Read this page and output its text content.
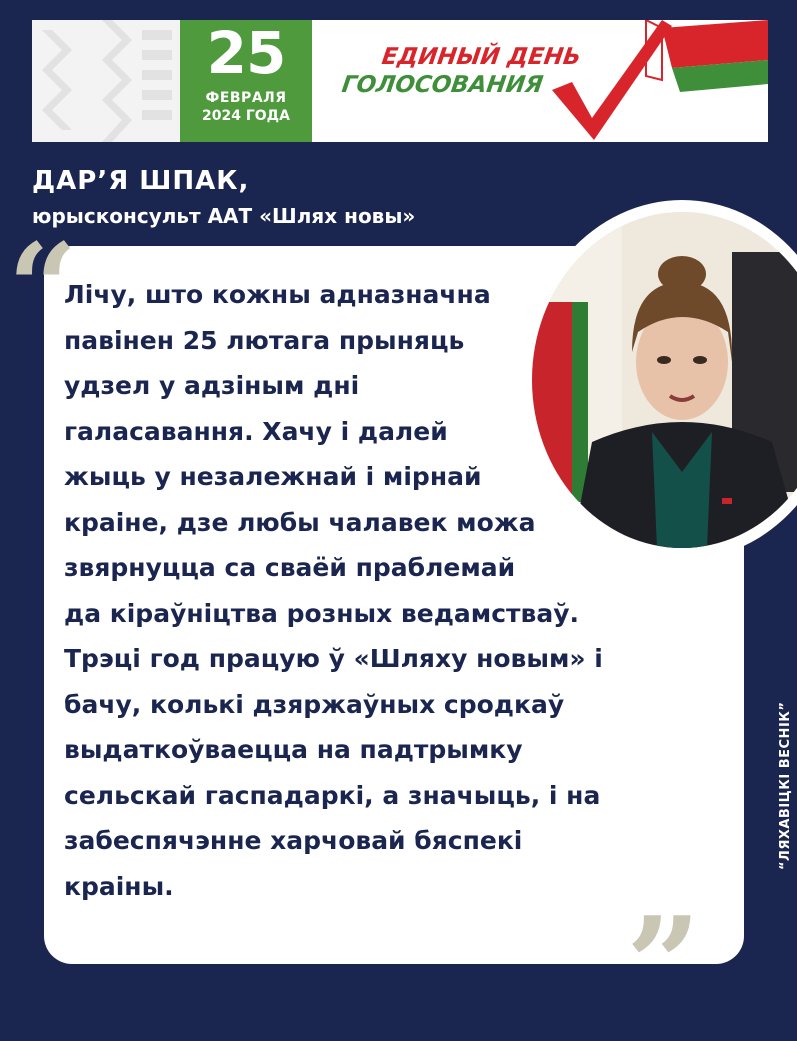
25
ФЕВРАЛЯ
2024 ГОДА
ЕДИНЫЙ ДЕНЬ
ГОЛОСОВАНИЯ
ДАР’Я ШПАК,
юрысконсульт ААТ «Шлях новы»
“
Лічу, што кожны адназначна
павінен 25 лютага прыняць
удзел у адзіным дні
галасавання. Хачу і далей
жыць у незалежнай і мірнай
краіне, дзе любы чалавек можа
звярнуцца са сваёй праблемай
да кіраўніцтва розных ведамстваў.
Трэці год працую ў «Шляху новым» і
бачу, колькі дзяржаўных сродкаў
выдаткоўваецца на падтрымку
сельскай гаспадаркі, а значыць, і на
забеспячэнне харчовай бяспекі
краіны.
”
“ЛЯХАВІЦКІ ВЕСНІК”
